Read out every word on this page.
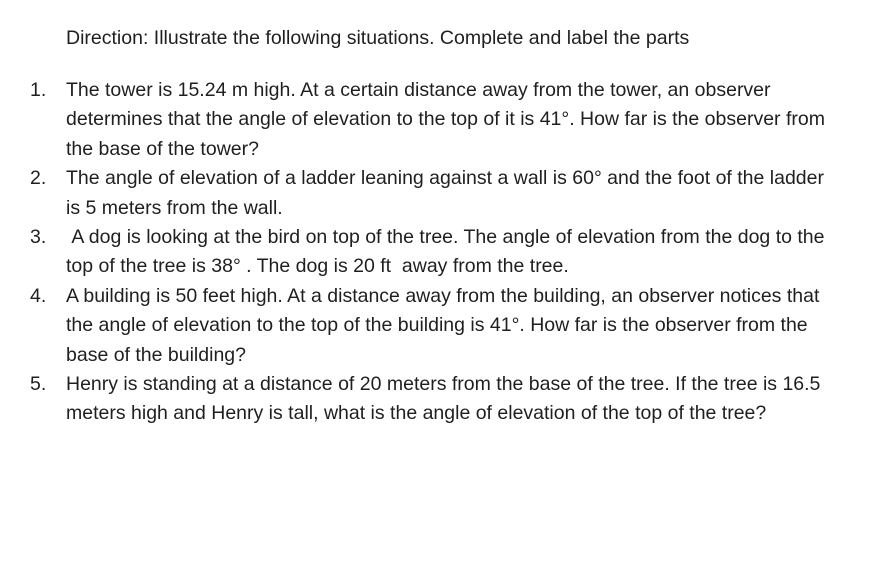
Direction: Illustrate the following situations. Complete and label the parts
1.	The tower is 15.24 m high. At a certain distance away from the tower, an observer determines that the angle of elevation to the top of it is 41°. How far is the observer from the base of the tower?
2.	The angle of elevation of a ladder leaning against a wall is 60° and the foot of the ladder is 5 meters from the wall.
3.	A dog is looking at the bird on top of the tree. The angle of elevation from the dog to the top of the tree is 38° . The dog is 20 ft  away from the tree.
4.	A building is 50 feet high. At a distance away from the building, an observer notices that the angle of elevation to the top of the building is 41°. How far is the observer from the base of the building?
5.	Henry is standing at a distance of 20 meters from the base of the tree. If the tree is 16.5 meters high and Henry is tall, what is the angle of elevation of the top of the tree?
